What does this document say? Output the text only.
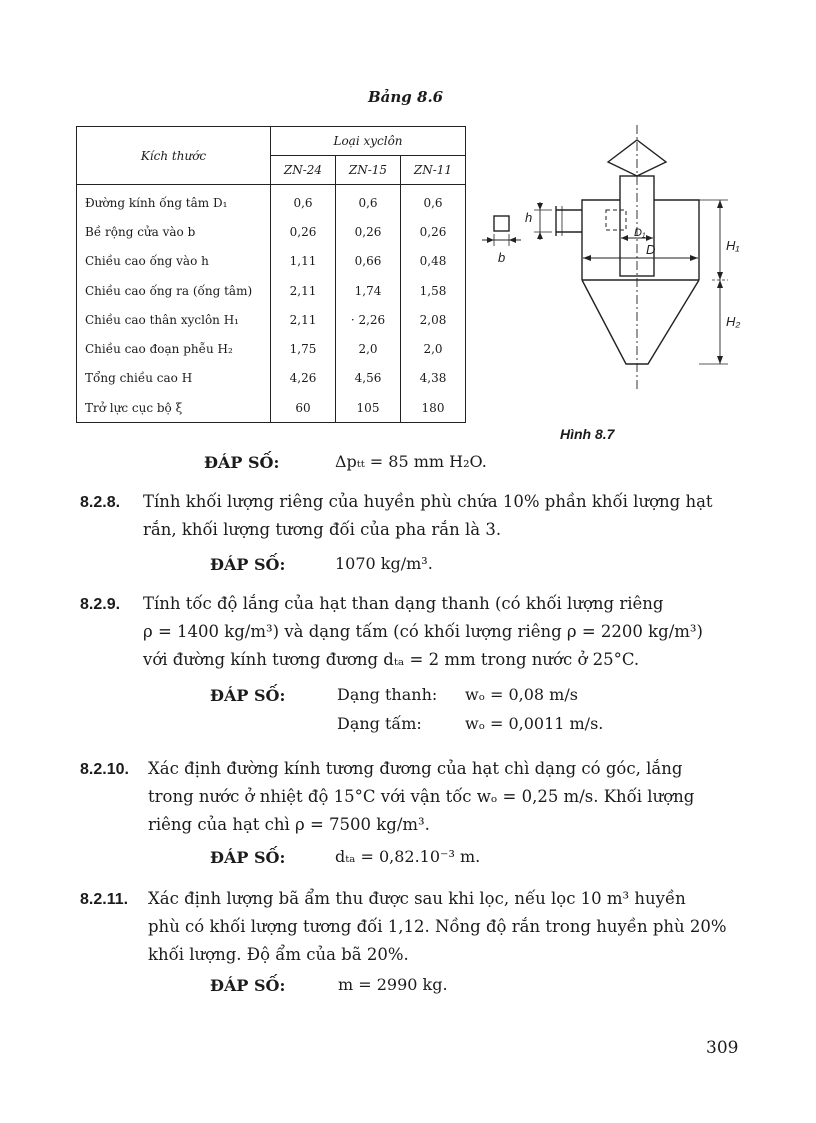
Bảng 8.6
Kích thước	Loại xyclôn		
	ZN-24	ZN-15	ZN-11
Đường kính ống tâm D₁	0,6	0,6	0,6
Bề rộng cửa vào b	0,26	0,26	0,26
Chiều cao ống vào h	1,11	0,66	0,48
Chiều cao ống ra (ống tâm)	2,11	1,74	1,58
Chiều cao thân xyclôn H₁	2,11	· 2,26	2,08
Chiều cao đoạn phễu H₂	1,75	2,0	2,0
Tổng chiều cao H	4,26	4,56	4,38
Trở lực cục bộ ξ	60	105	180
h
b
D₁
D	H₁
H₂
Hình 8.7
ĐÁP SỐ:	Δpₜₜ = 85 mm H₂O.
8.2.8. Tính khối lượng riêng của huyền phù chứa 10% phần khối lượng hạt
rắn, khối lượng tương đối của pha rắn là 3.
ĐÁP SỐ:	1070 kg/m³.
8.2.9. Tính tốc độ lắng của hạt than dạng thanh (có khối lượng riêng
ρ = 1400 kg/m³) và dạng tấm (có khối lượng riêng ρ = 2200 kg/m³)
với đường kính tương đương dₜₐ = 2 mm trong nước ở 25°C.
ĐÁP SỐ:	Dạng thanh: wₒ = 0,08 m/s
Dạng tấm:	wₒ = 0,0011 m/s.
8.2.10. Xác định đường kính tương đương của hạt chì dạng có góc, lắng
trong nước ở nhiệt độ 15°C với vận tốc wₒ = 0,25 m/s. Khối lượng
riêng của hạt chì ρ = 7500 kg/m³.
ĐÁP SỐ:	dₜₐ = 0,82.10⁻³ m.
8.2.11. Xác định lượng bã ẩm thu được sau khi lọc, nếu lọc 10 m³ huyền
phù có khối lượng tương đối 1,12. Nồng độ rắn trong huyền phù 20%
khối lượng. Độ ẩm của bã 20%.
ĐÁP SỐ:	m = 2990 kg.
309
